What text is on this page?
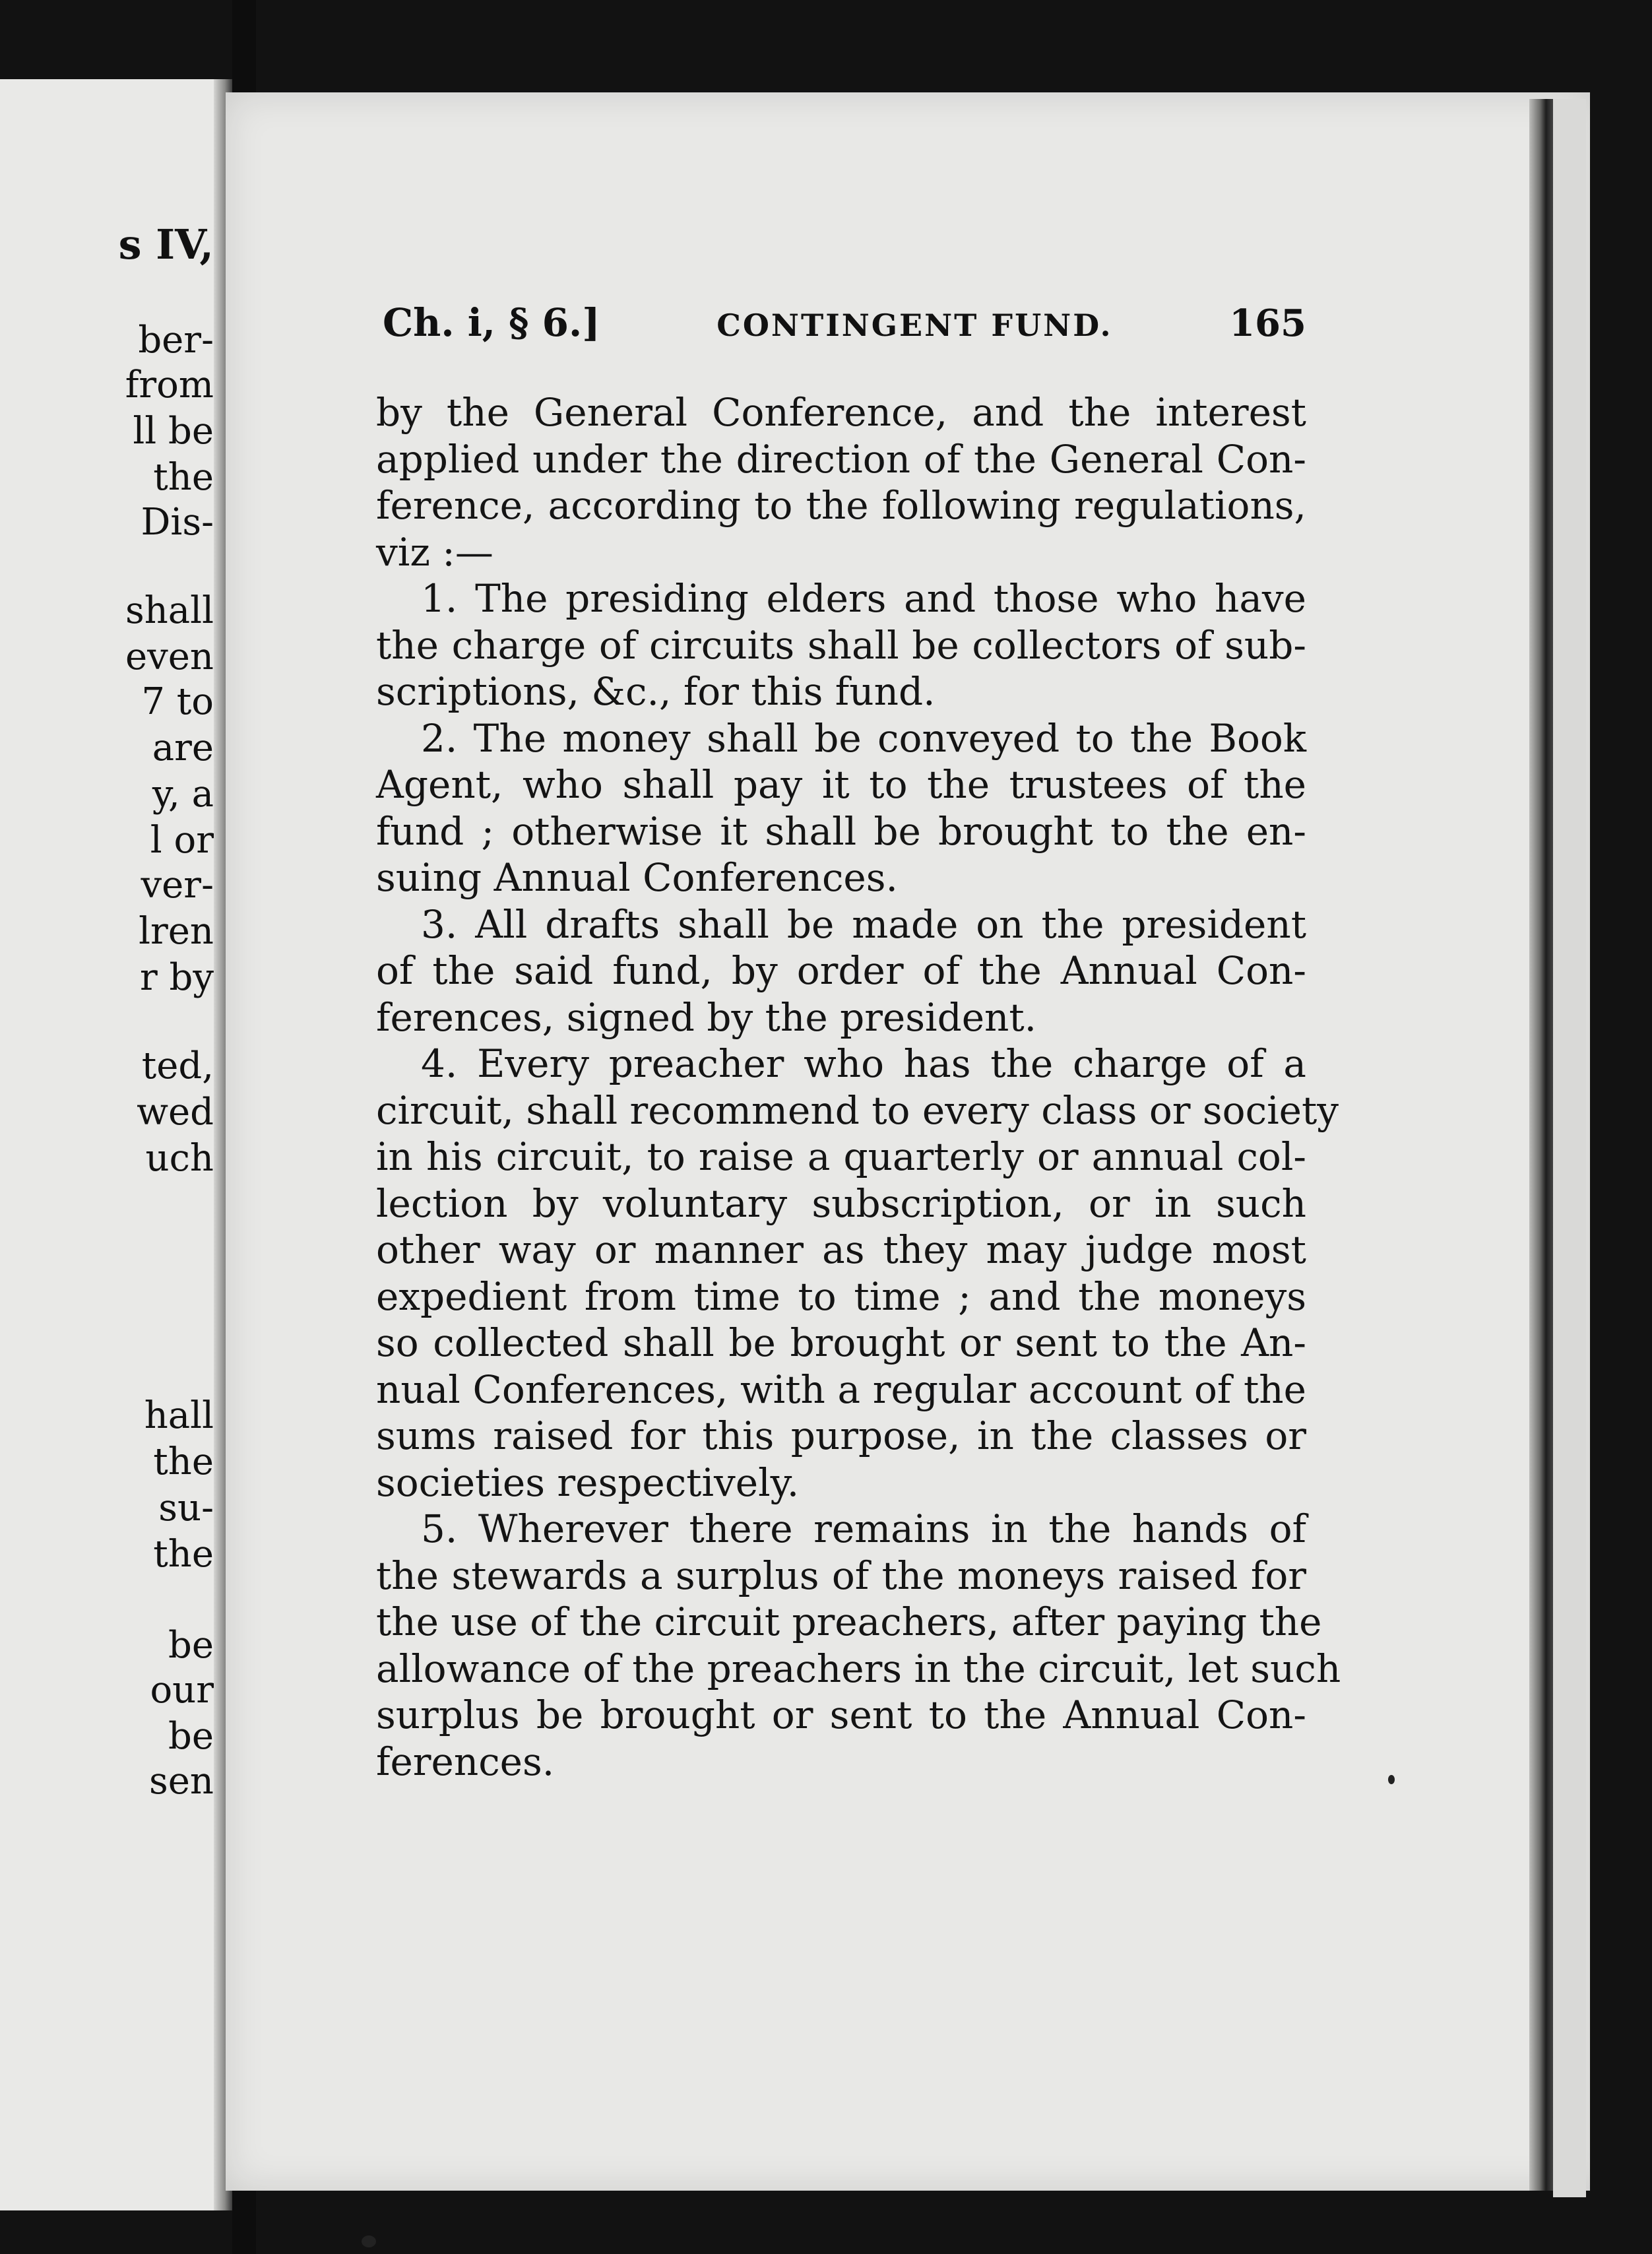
s IV,
ber-
from
ll be
the
Dis-
shall
even
7 to
are
y, a
l or
ver-
lren
r by
ted,
wed
uch
hall
the
su-
the
be
our
be
sen
Ch. i, § 6.]	CONTINGENT FUND.	165

by the General Conference, and the interest
applied under the direction of the General Con-
ference, according to the following regulations,
viz :—

1. The presiding elders and those who have
the charge of circuits shall be collectors of sub-
scriptions, &c., for this fund.

2. The money shall be conveyed to the Book
Agent, who shall pay it to the trustees of the
fund ; otherwise it shall be brought to the en-
suing Annual Conferences.

3. All drafts shall be made on the president
of the said fund, by order of the Annual Con-
ferences, signed by the president.

4. Every preacher who has the charge of a
circuit, shall recommend to every class or society
in his circuit, to raise a quarterly or annual col-
lection by voluntary subscription, or in such
other way or manner as they may judge most
expedient from time to time ; and the moneys
so collected shall be brought or sent to the An-
nual Conferences, with a regular account of the
sums raised for this purpose, in the classes or
societies respectively.

5. Wherever there remains in the hands of
the stewards a surplus of the moneys raised for
the use of the circuit preachers, after paying the
allowance of the preachers in the circuit, let such
surplus be brought or sent to the Annual Con-
ferences.
